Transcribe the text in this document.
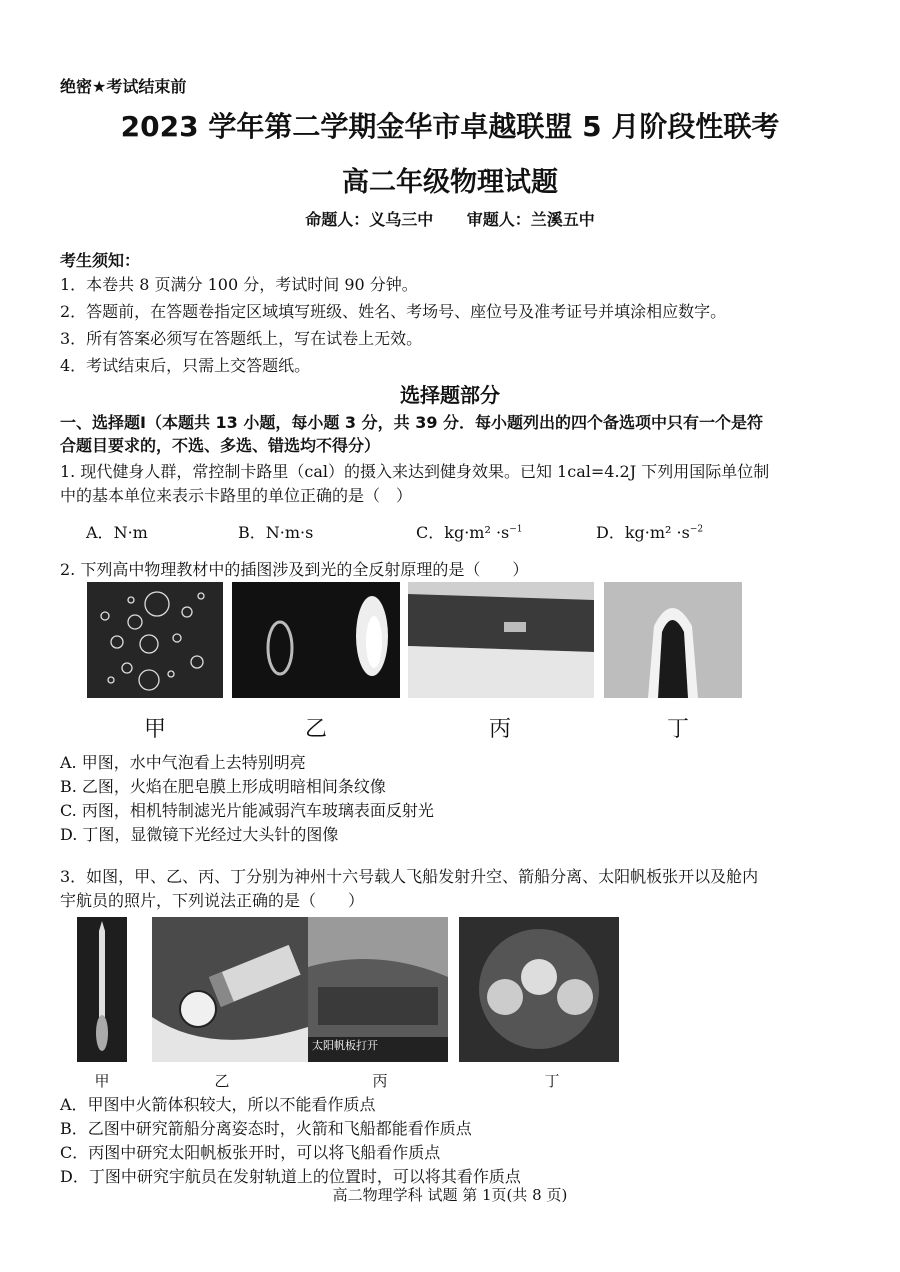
绝密★考试结束前
2023 学年第二学期金华市卓越联盟 5 月阶段性联考
高二年级物理试题
命题人：义乌三中 审题人：兰溪五中
考生须知：
1．本卷共 8 页满分 100 分，考试时间 90 分钟。
2．答题前，在答题卷指定区域填写班级、姓名、考场号、座位号及准考证号并填涂相应数字。
3．所有答案必须写在答题纸上，写在试卷上无效。
4．考试结束后，只需上交答题纸。
选择题部分
一、选择题Ⅰ（本题共 13 小题，每小题 3 分，共 39 分．每小题列出的四个备选项中只有一个是符
合题目要求的，不选、多选、错选均不得分）
1. 现代健身人群，常控制卡路里（cal）的摄入来达到健身效果。已知 1cal=4.2J 下列用国际单位制
中的基本单位来表示卡路里的单位正确的是（　）
A．N·m	B．N·m·s	C．$kg\cdot m^2 \cdot s^{-1}$	D．$kg\cdot m^2 \cdot s^{-2}$
2. 下列高中物理教材中的插图涉及到光的全反射原理的是（　　）
甲	乙	丙	丁
A. 甲图，水中气泡看上去特别明亮
B. 乙图，火焰在肥皂膜上形成明暗相间条纹像
C. 丙图，相机特制滤光片能减弱汽车玻璃表面反射光
D. 丁图，显微镜下光经过大头针的图像
3．如图，甲、乙、丙、丁分别为神州十六号载人飞船发射升空、箭船分离、太阳帆板张开以及舱内
宇航员的照片，下列说法正确的是（　　）
太阳帆板打开
甲	乙	丙	丁
A．甲图中火箭体积较大，所以不能看作质点
B．乙图中研究箭船分离姿态时，火箭和飞船都能看作质点
C．丙图中研究太阳帆板张开时，可以将飞船看作质点
D．丁图中研究宇航员在发射轨道上的位置时，可以将其看作质点
高二物理学科 试题 第 1页(共 8 页)
